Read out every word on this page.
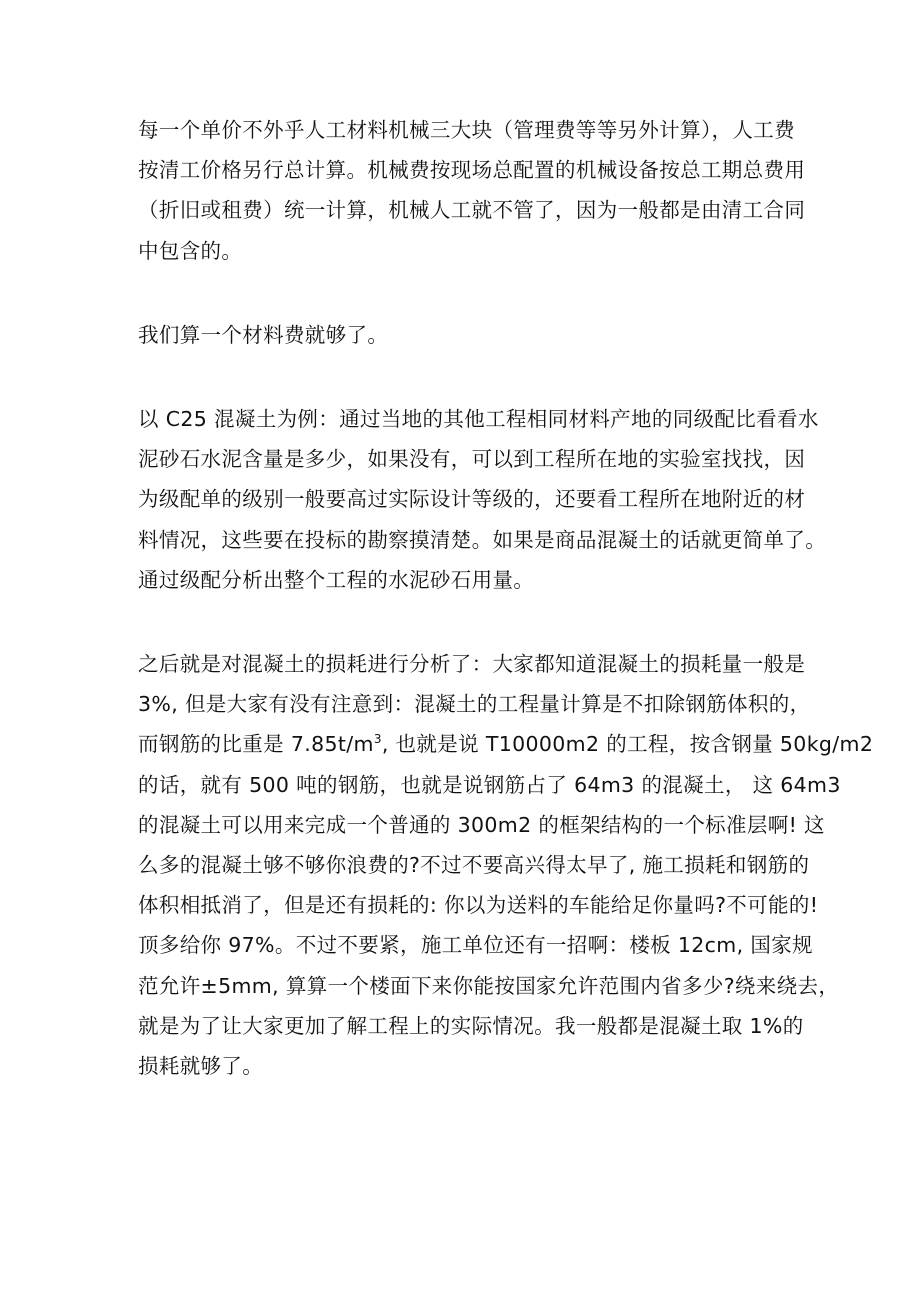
每一个单价不外乎人工材料机械三大块（管理费等等另外计算），人工费
按清工价格另行总计算。机械费按现场总配置的机械设备按总工期总费用
（折旧或租费）统一计算，机械人工就不管了，因为一般都是由清工合同
中包含的。

我们算一个材料费就够了。

以 C25 混凝土为例：通过当地的其他工程相同材料产地的同级配比看看水
泥砂石水泥含量是多少，如果没有，可以到工程所在地的实验室找找，因
为级配单的级别一般要高过实际设计等级的，还要看工程所在地附近的材
料情况，这些要在投标的勘察摸清楚。如果是商品混凝土的话就更简单了。
通过级配分析出整个工程的水泥砂石用量。

之后就是对混凝土的损耗进行分析了：大家都知道混凝土的损耗量一般是
3%, 但是大家有没有注意到：混凝土的工程量计算是不扣除钢筋体积的，
而钢筋的比重是 $7.85t/m^3$, 也就是说 Т10000m2 的工程，按含钢量 50kg/m2
的话，就有 500 吨的钢筋，也就是说钢筋占了 64m3 的混凝土， 这 64m3
的混凝土可以用来完成一个普通的 300m2 的框架结构的一个标准层啊! 这
么多的混凝土够不够你浪费的?不过不要高兴得太早了, 施工损耗和钢筋的
体积相抵消了，但是还有损耗的: 你以为送料的车能给足你量吗?不可能的!
顶多给你 97%。不过不要紧，施工单位还有一招啊：楼板 12cm, 国家规
范允许±5mm, 算算一个楼面下来你能按国家允许范围内省多少?绕来绕去，
就是为了让大家更加了解工程上的实际情况。我一般都是混凝土取 1%的
损耗就够了。
